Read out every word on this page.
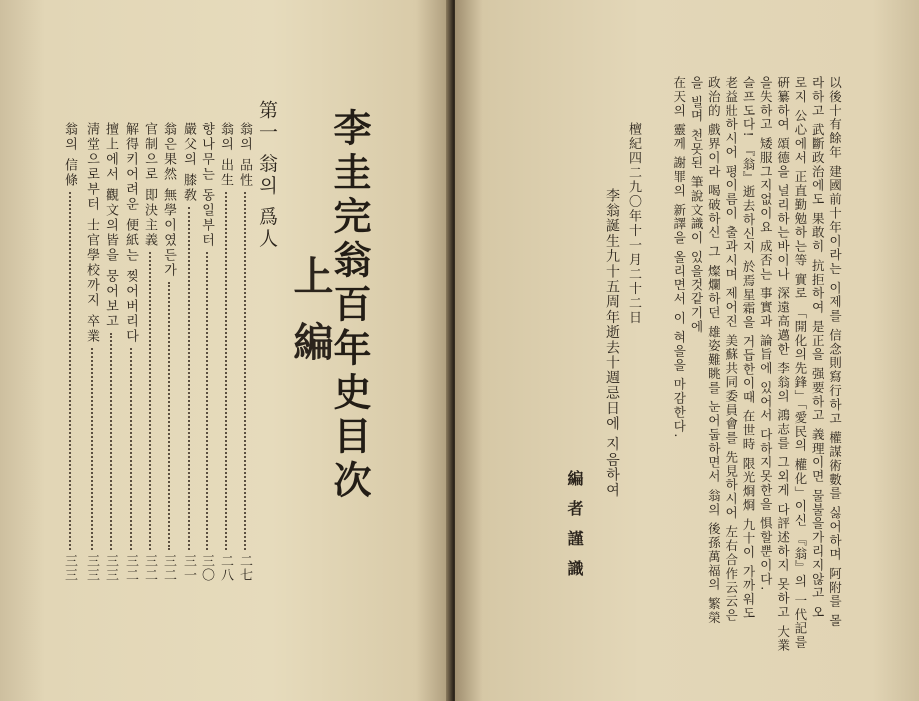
李圭完翁百年史目次
上編
第一 翁의 爲人
翁의 品性
二七
翁의 出生
二八
향나무는 동일부터
三〇
嚴父의 膝敎
三一
翁은果然 無學이였든가
三二
官制으로 即決主義
三二
解得키어려운 便紙는 찢어버리다
三二
擅上에서 觀文의皆을 뭉어보고
三三
淸堂으로부터 士官學校까지 卒業
三三
翁의 信條
三三	以後十有餘年 建國前十年이라는 이제를 信念則寫行하고 權謀術數를 싫어하며 阿附를 몰
라하고 武斷政治에도 果敢히 抗拒하여 是正을 强要하고 義理이면 물불을가리지않고 오
로지 公心에서 正直勤勉하는等 實로 「開化의先鋒」「愛民의 權化」이신 『翁』의 一代記를
硏纂하여 頌德을 널리하는바이나 深遠高邁한 李翁의 鴻志를 그외게 다評述하지 못하고 大業
을失하고 矮服그지없이요 成否는 事實과 論旨에 있어서 다하지못한을 惧할뿐이다.
슬프도다! 『翁』逝去하신지 於焉星霜을 거듭한이때 在世時 限光烱烱 九十이 가까워도
老益壯하시어 평이름이 출과시며 제어진 美蘇共同委員會를 先見하시어 左右合作云云은
政治的 戲界이라 喝破하신 그 燦爛하던 雄姿難眺를 눈어둡하면서 翁의 後孫萬福의 繁榮
을 빌며 천못된 筆說文識이 있을것같기에
在天의 靈께 謝罪의 新譯을 올리면서 이 혀을을 마감한다.
檀紀四二九〇年十一月二十二日
李翁誕生九十五周年逝去十週忌日에 지음하여
編者謹識
